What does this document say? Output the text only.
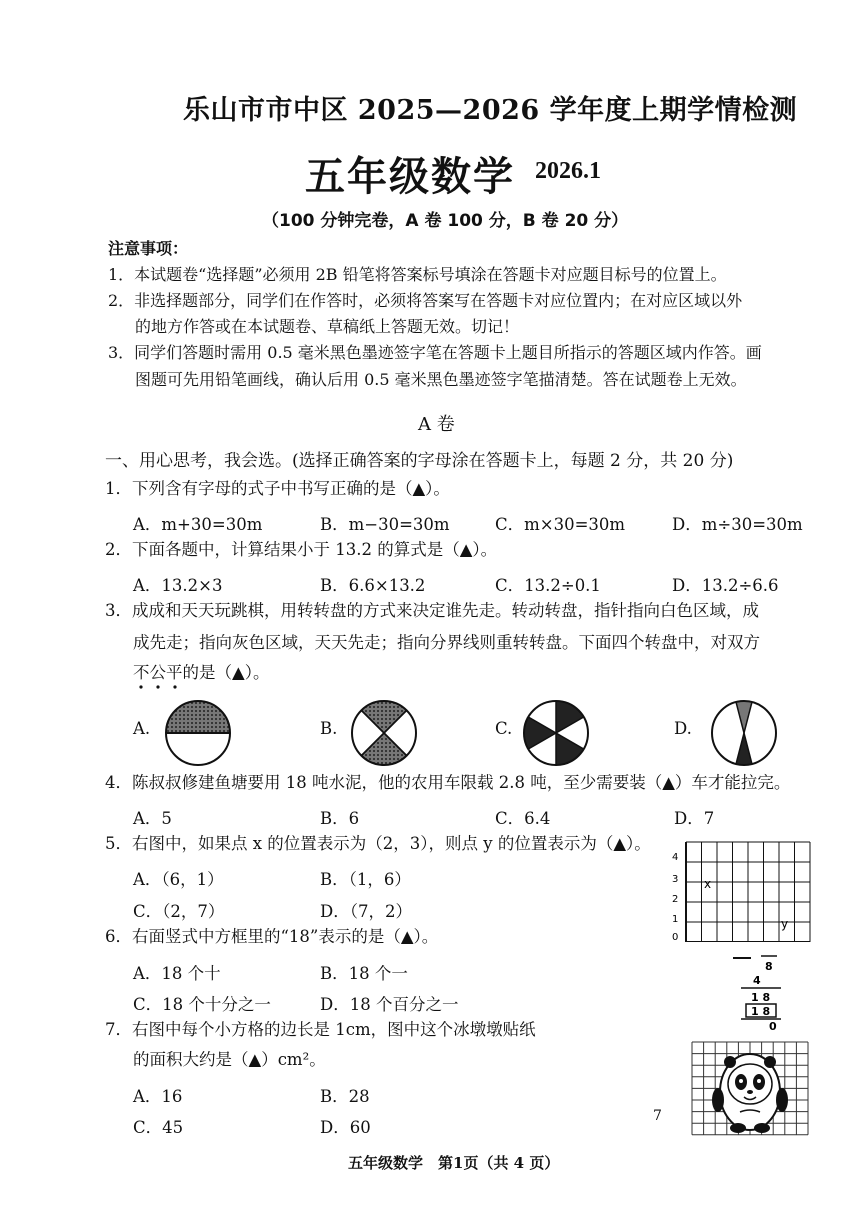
乐山市市中区 2025—2026 学年度上期学情检测
五年级数学 2026.1
（100 分钟完卷，A 卷 100 分，B 卷 20 分）
注意事项：
1．本试题卷“选择题”必须用 2B 铅笔将答案标号填涂在答题卡对应题目标号的位置上。
2．非选择题部分，同学们在作答时，必须将答案写在答题卡对应位置内；在对应区域以外
的地方作答或在本试题卷、草稿纸上答题无效。切记！
3．同学们答题时需用 0.5 毫米黑色墨迹签字笔在答题卡上题目所指示的答题区域内作答。画
图题可先用铅笔画线，确认后用 0.5 毫米黑色墨迹签字笔描清楚。答在试题卷上无效。
A 卷
一、用心思考，我会选。(选择正确答案的字母涂在答题卡上，每题 2 分，共 20 分)
1．下列含有字母的式子中书写正确的是（▲）。
A．m+30=30m	B．m−30=30m	C．m×30=30m	D．m÷30=30m
2．下面各题中，计算结果小于 13.2 的算式是（▲）。
A．13.2×3	B．6.6×13.2	C．13.2÷0.1	D．13.2÷6.6
3．成成和天天玩跳棋，用转转盘的方式来决定谁先走。转动转盘，指针指向白色区域，成
成先走；指向灰色区域，天天先走；指向分界线则重转转盘。下面四个转盘中，对双方
不公平的是（▲）。
A.	B.	C.	D.
4．陈叔叔修建鱼塘要用 18 吨水泥，他的农用车限载 2.8 吨，至少需要装（▲）车才能拉完。
A．5	B．6	C．6.4	D．7
5．右图中，如果点 x 的位置表示为（2，3），则点 y 的位置表示为（▲）。
A．（6，1）	B．（1，6）
C．（2，7）	D．（7，2）
4
3
2
1
0
x
y
6．右面竖式中方框里的“18”表示的是（▲）。
A．18 个十	B．18 个一
C．18 个十分之一	D．18 个百分之一
8
4
1 8
1 8
0
7．右图中每个小方格的边长是 1cm，图中这个冰墩墩贴纸
的面积大约是（▲）cm²。
A．16	B．28
C．45	D．60
7
五年级数学　第1页（共 4 页）
